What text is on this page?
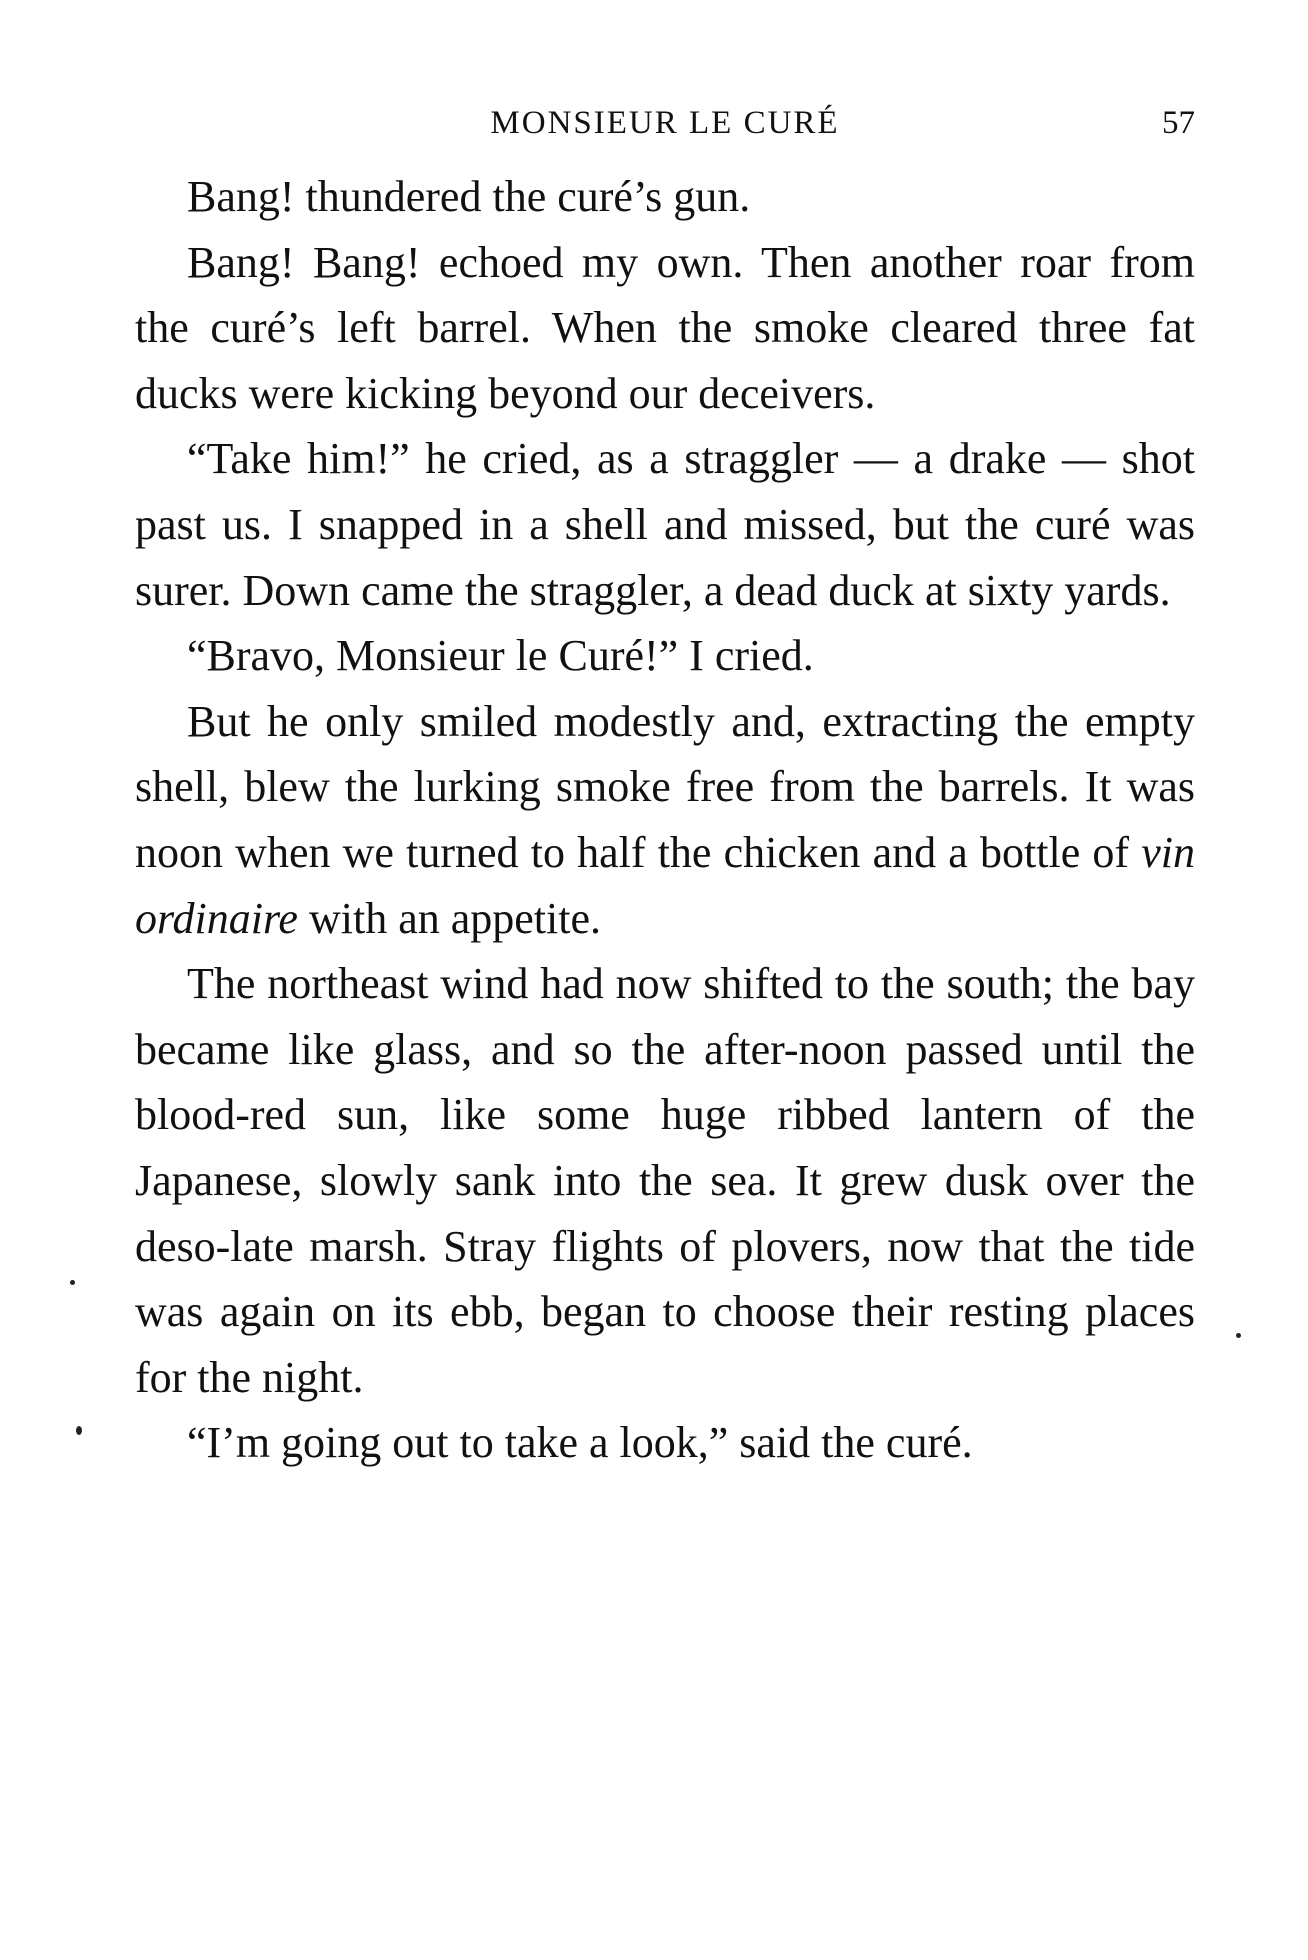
MONSIEUR LE CURÉ	57

Bang! thundered the curé’s gun.

Bang! Bang! echoed my own. Then another roar from the curé’s left barrel. When the smoke cleared three fat ducks were kicking beyond our deceivers.

“Take him!” he cried, as a straggler — a drake — shot past us. I snapped in a shell and missed, but the curé was surer. Down came the straggler, a dead duck at sixty yards.

“Bravo, Monsieur le Curé!” I cried.

But he only smiled modestly and, extracting the empty shell, blew the lurking smoke free from the barrels. It was noon when we turned to half the chicken and a bottle of vin ordinaire with an appetite.

The northeast wind had now shifted to the south; the bay became like glass, and so the after-noon passed until the blood-red sun, like some huge ribbed lantern of the Japanese, slowly sank into the sea. It grew dusk over the deso-late marsh. Stray flights of plovers, now that the tide was again on its ebb, began to choose their resting places for the night.

“I’m going out to take a look,” said the curé.
